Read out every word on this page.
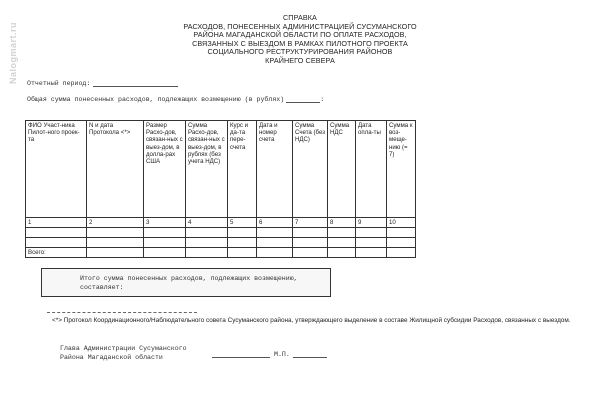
Nalogmart.ru
СПРАВКА
РАСХОДОВ, ПОНЕСЕННЫХ АДМИНИСТРАЦИЕЙ СУСУМАНСКОГО
РАЙОНА МАГАДАНСКОЙ ОБЛАСТИ ПО ОПЛАТЕ РАСХОДОВ,
СВЯЗАННЫХ С ВЫЕЗДОМ В РАМКАХ ПИЛОТНОГО ПРОЕКТА
СОЦИАЛЬНОГО РЕСТРУКТУРИРОВАНИЯ РАЙОНОВ
КРАЙНЕГО СЕВЕРА
Отчетный период:
Общая сумма понесенных расходов, подлежащих возмещению (в рублях)	:
ФИО Участ-ника Пилот-ного проек-та	N и дата Протокола <*>	Размер Расхо-дов, связан-ных с выез-дом, в доллa-рах США	Сумма Расхо-дов, связан-ных с выез-дом, в рублях (без учета НДС)	Курс и да-та пере-счета	Дата и номер счета	Сумма Счета (без НДС)	Сумма НДС	Дата опла-ты	Сумма к воз-меще-нию (= 7)
1	2	3	4	5	6	7	8	9	10

Всего:									
Итого сумма понесенных расходов, подлежащих возмещению,
составляет:
<*> Протокол Координационного/Наблюдательного совета Сусуманского района, утверждающего выделение в составе Жилищной субсидии Расходов, связанных с выездом.
Глава Администрации Сусуманского
Района Магаданской области	М.П.
